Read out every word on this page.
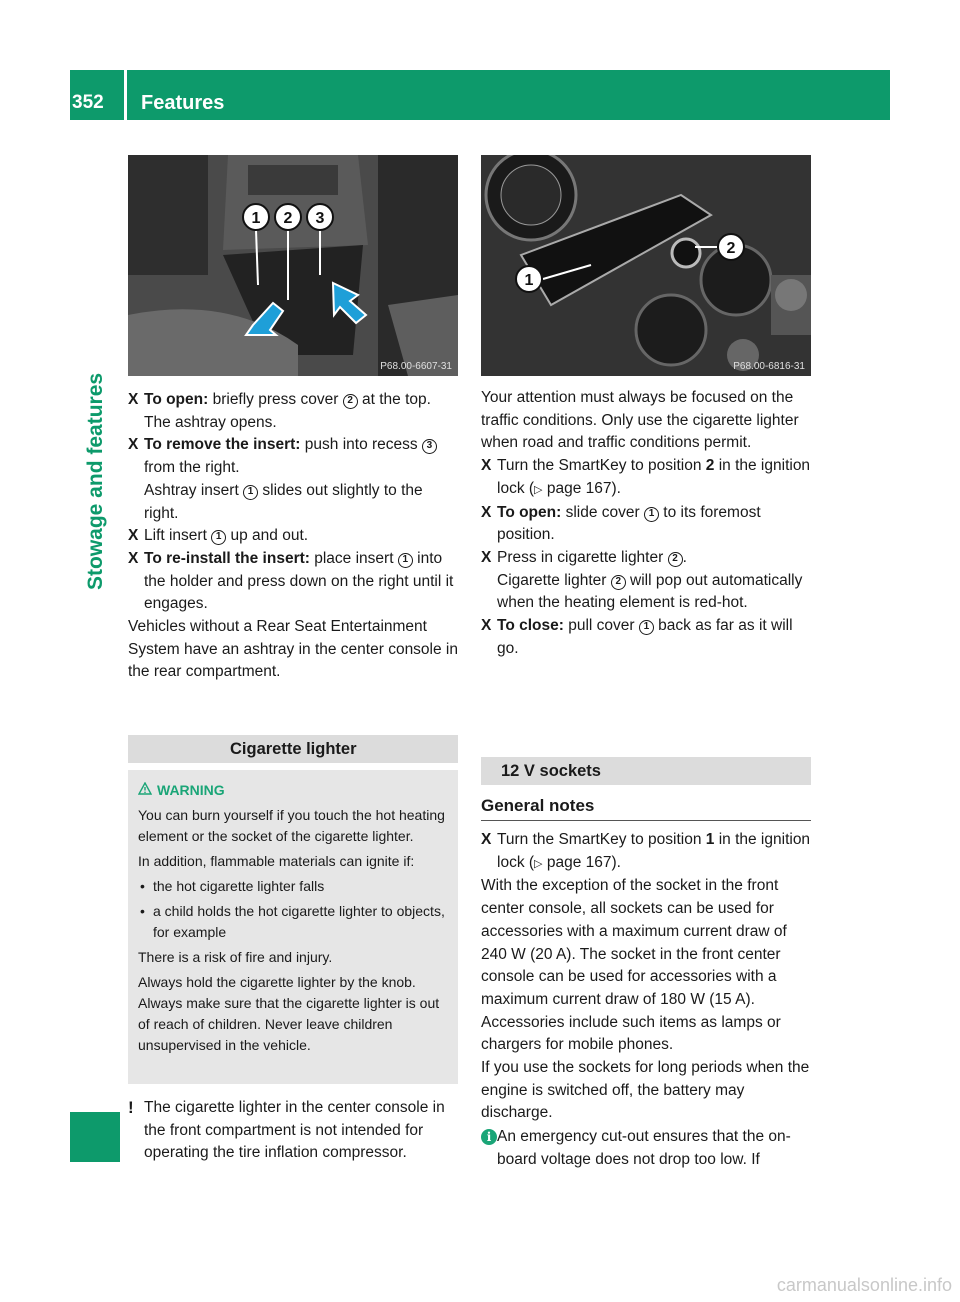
352 Features
Stowage and features
1 2 3
P68.00-6607-31
1
2
P68.00-6816-31
X To open: briefly press cover 2 at the top. The ashtray opens.
X To remove the insert: push into recess 3 from the right.
Ashtray insert 1 slides out slightly to the right.
X Lift insert 1 up and out.
X To re-install the insert: place insert 1 into the holder and press down on the right until it engages.
Vehicles without a Rear Seat Entertainment System have an ashtray in the center console in the rear compartment.
Cigarette lighter
WARNING
You can burn yourself if you touch the hot heating element or the socket of the cigarette lighter.
In addition, flammable materials can ignite if:
• the hot cigarette lighter falls
• a child holds the hot cigarette lighter to objects, for example
There is a risk of fire and injury.
Always hold the cigarette lighter by the knob. Always make sure that the cigarette lighter is out of reach of children. Never leave children unsupervised in the vehicle.
! The cigarette lighter in the center console in the front compartment is not intended for operating the tire inflation compressor.
Your attention must always be focused on the traffic conditions. Only use the cigarette lighter when road and traffic conditions permit.
X Turn the SmartKey to position 2 in the ignition lock (▷ page 167).
X To open: slide cover 1 to its foremost position.
X Press in cigarette lighter 2 .
Cigarette lighter 2 will pop out automatically when the heating element is red-hot.
X To close: pull cover 1 back as far as it will go.
12 V sockets
General notes
X Turn the SmartKey to position 1 in the ignition lock (▷ page 167).
With the exception of the socket in the front center console, all sockets can be used for accessories with a maximum current draw of 240 W (20 A). The socket in the front center console can be used for accessories with a maximum current draw of 180 W (15 A). Accessories include such items as lamps or chargers for mobile phones.
If you use the sockets for long periods when the engine is switched off, the battery may discharge.
i An emergency cut-out ensures that the on-board voltage does not drop too low. If
carmanualsonline.info
